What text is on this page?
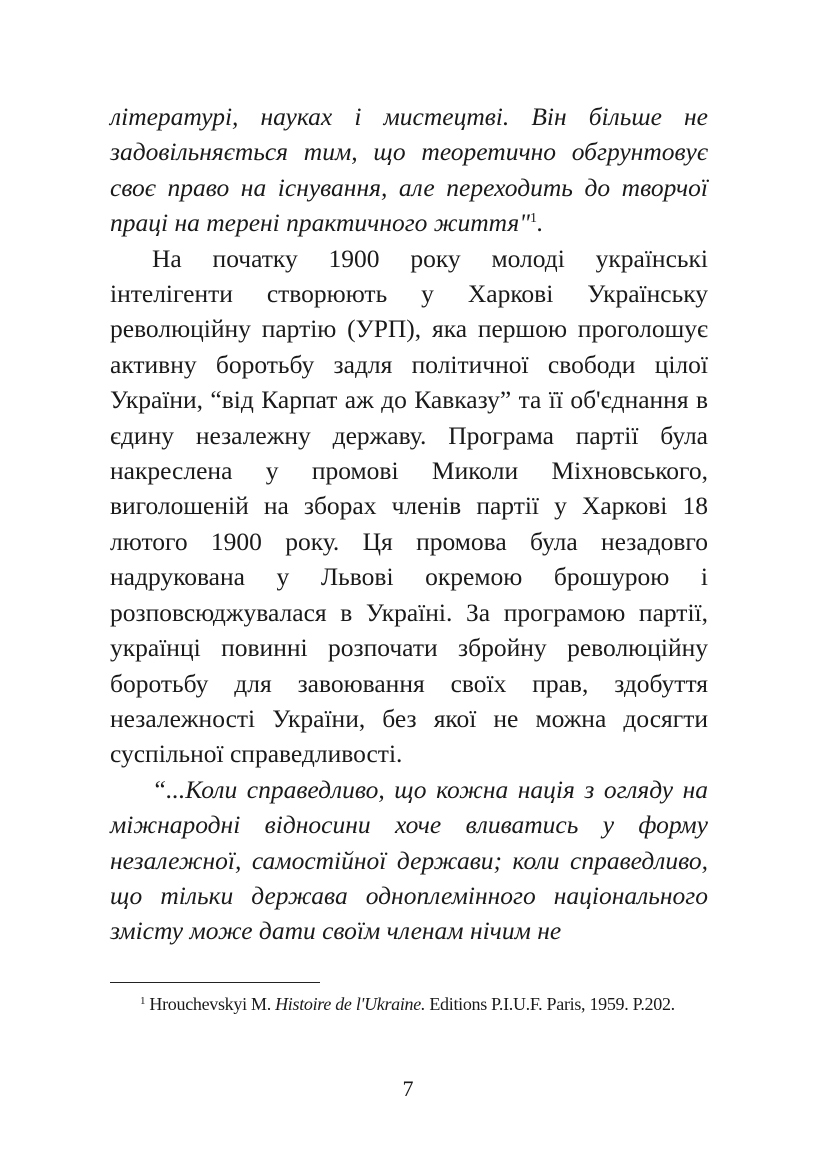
літературі, науках і мистецтві. Він більше не задовільняється тим, що теоретично обгрунтовує своє право на існування, але переходить до творчої праці на терені практичного життя"$^1$.

На початку 1900 року молоді українські інтелігенти створюють у Харкові Українську революційну партію (УРП), яка першою проголошує активну боротьбу задля політичної свободи цілої України, “від Карпат аж до Кавказу” та її об'єднання в єдину незалежну державу. Програма партії була накреслена у промові Миколи Міхновського, виголошеній на зборах членів партії у Харкові 18 лютого 1900 року. Ця промова була незадовго надрукована у Львові окремою брошурою і розповсюджувалася в Україні. За програмою партії, українці повинні розпочати збройну революційну боротьбу для завоювання своїх прав, здобуття незалежності України, без якої не можна досягти суспільної справедливості.

“...Коли справедливо, що кожна нація з огляду на міжнародні відносини хоче вливатись у форму незалежної, самостійної держави; коли справедливо, що тільки держава одноплемінного національного змісту може дати своїм членам нічим не

$^1$ Hrouchevskyi M. Histoire de l'Ukraine. Editions P.I.U.F. Paris, 1959. P.202.

7
